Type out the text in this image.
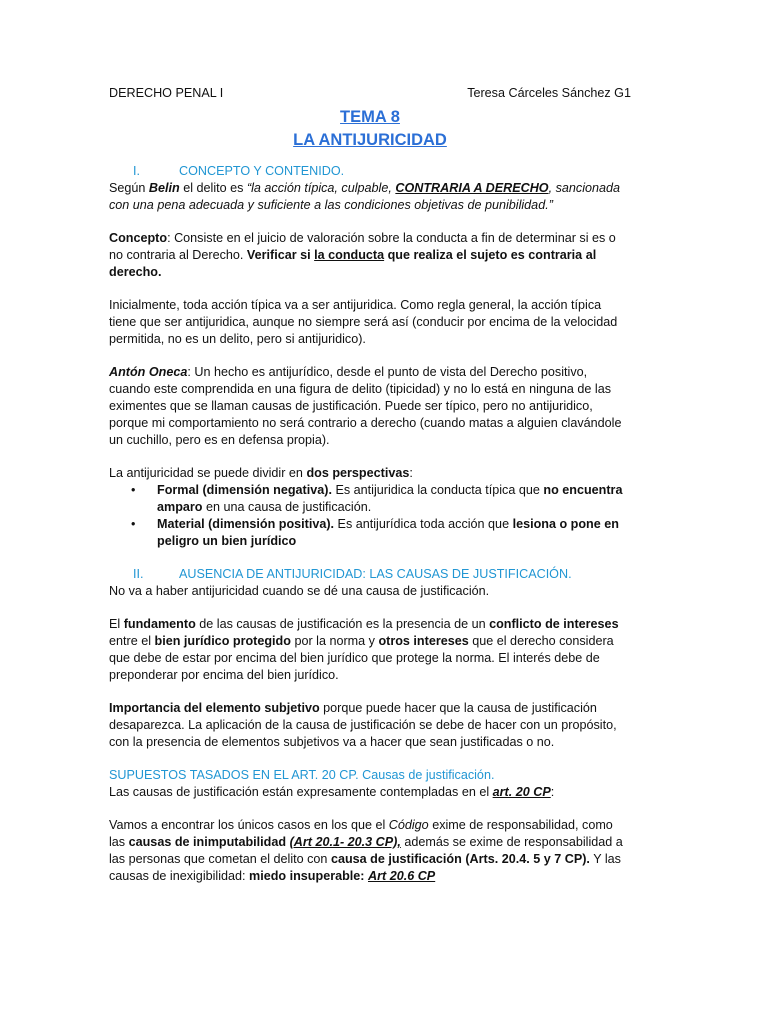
DERECHO PENAL I	Teresa Cárceles Sánchez G1
TEMA 8
LA ANTIJURICIDAD
I.	CONCEPTO Y CONTENIDO.

Según Belin el delito es “la acción típica, culpable, CONTRARIA A DERECHO, sancionada con una pena adecuada y suficiente a las condiciones objetivas de punibilidad.”

Concepto: Consiste en el juicio de valoración sobre la conducta a fin de determinar si es o no contraria al Derecho. Verificar si la conducta que realiza el sujeto es contraria al derecho.

Inicialmente, toda acción típica va a ser antijuridica. Como regla general, la acción típica tiene que ser antijuridica, aunque no siempre será así (conducir por encima de la velocidad permitida, no es un delito, pero si antijuridico).

Antón Oneca: Un hecho es antijurídico, desde el punto de vista del Derecho positivo, cuando este comprendida en una figura de delito (tipicidad) y no lo está en ninguna de las eximentes que se llaman causas de justificación. Puede ser típico, pero no antijuridico, porque mi comportamiento no será contrario a derecho (cuando matas a alguien clavándole un cuchillo, pero es en defensa propia).

La antijuricidad se puede dividir en dos perspectivas:

• Formal (dimensión negativa). Es antijuridica la conducta típica que no encuentra amparo en una causa de justificación.
• Material (dimensión positiva). Es antijurídica toda acción que lesiona o pone en peligro un bien jurídico
II.	AUSENCIA DE ANTIJURICIDAD: LAS CAUSAS DE JUSTIFICACIÓN.

No va a haber antijuricidad cuando se dé una causa de justificación.

El fundamento de las causas de justificación es la presencia de un conflicto de intereses entre el bien jurídico protegido por la norma y otros intereses que el derecho considera que debe de estar por encima del bien jurídico que protege la norma. El interés debe de preponderar por encima del bien jurídico.

Importancia del elemento subjetivo porque puede hacer que la causa de justificación desaparezca. La aplicación de la causa de justificación se debe de hacer con un propósito, con la presencia de elementos subjetivos va a hacer que sean justificadas o no.

SUPUESTOS TASADOS EN EL ART. 20 CP. Causas de justificación.

Las causas de justificación están expresamente contempladas en el art. 20 CP:

Vamos a encontrar los únicos casos en los que el Código exime de responsabilidad, como las causas de inimputabilidad (Art 20.1- 20.3 CP), además se exime de responsabilidad a las personas que cometan el delito con causa de justificación (Arts. 20.4. 5 y 7 CP). Y las causas de inexigibilidad: miedo insuperable: Art 20.6 CP
